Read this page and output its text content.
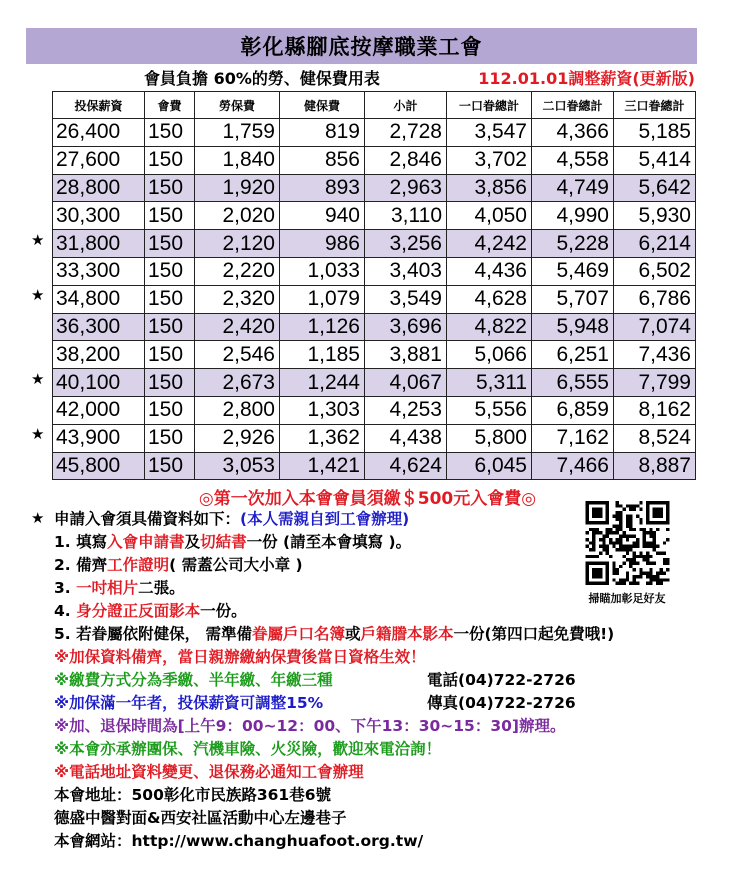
彰化縣腳底按摩職業工會
會員負擔 60%的勞、健保費用表	112.01.01調整薪資(更新版)
★
★
★
★
★
投保薪資	會費	勞保費	健保費	小計	一口眷總計	二口眷總計	三口眷總計
26,400	150	1,759	819	2,728	3,547	4,366	5,185
27,600	150	1,840	856	2,846	3,702	4,558	5,414
28,800	150	1,920	893	2,963	3,856	4,749	5,642
30,300	150	2,020	940	3,110	4,050	4,990	5,930
31,800	150	2,120	986	3,256	4,242	5,228	6,214
33,300	150	2,220	1,033	3,403	4,436	5,469	6,502
34,800	150	2,320	1,079	3,549	4,628	5,707	6,786
36,300	150	2,420	1,126	3,696	4,822	5,948	7,074
38,200	150	2,546	1,185	3,881	5,066	6,251	7,436
40,100	150	2,673	1,244	4,067	5,311	6,555	7,799
42,000	150	2,800	1,303	4,253	5,556	6,859	8,162
43,900	150	2,926	1,362	4,438	5,800	7,162	8,524
45,800	150	3,053	1,421	4,624	6,045	7,466	8,887
◎第一次加入本會會員須繳＄500元入會費◎
申請入會須具備資料如下：(本人需親自到工會辦理)
1. 填寫入會申請書及切結書一份 (請至本會填寫 )。
2. 備齊工作證明( 需蓋公司大小章 )
3. 一吋相片二張。
4. 身分證正反面影本一份。
5. 若眷屬依附健保， 需準備眷屬戶口名簿或戶籍謄本影本一份(第四口起免費哦!)
※加保資料備齊，當日親辦繳納保費後當日資格生效！
※繳費方式分為季繳、半年繳、年繳三種	電話(04)722-2726
※加保滿一年者，投保薪資可調整15%	傳真(04)722-2726
※加、退保時間為[上午9：00~12：00、下午13：30~15：30]辦理。
※本會亦承辦團保、汽機車險、火災險，歡迎來電洽詢！
※電話地址資料變更、退保務必通知工會辦理
本會地址：500彰化市民族路361巷6號
德盛中醫對面&西安社區活動中心左邊巷子
本會網站：http://www.changhuafoot.org.tw/
掃瞄加彰足好友
